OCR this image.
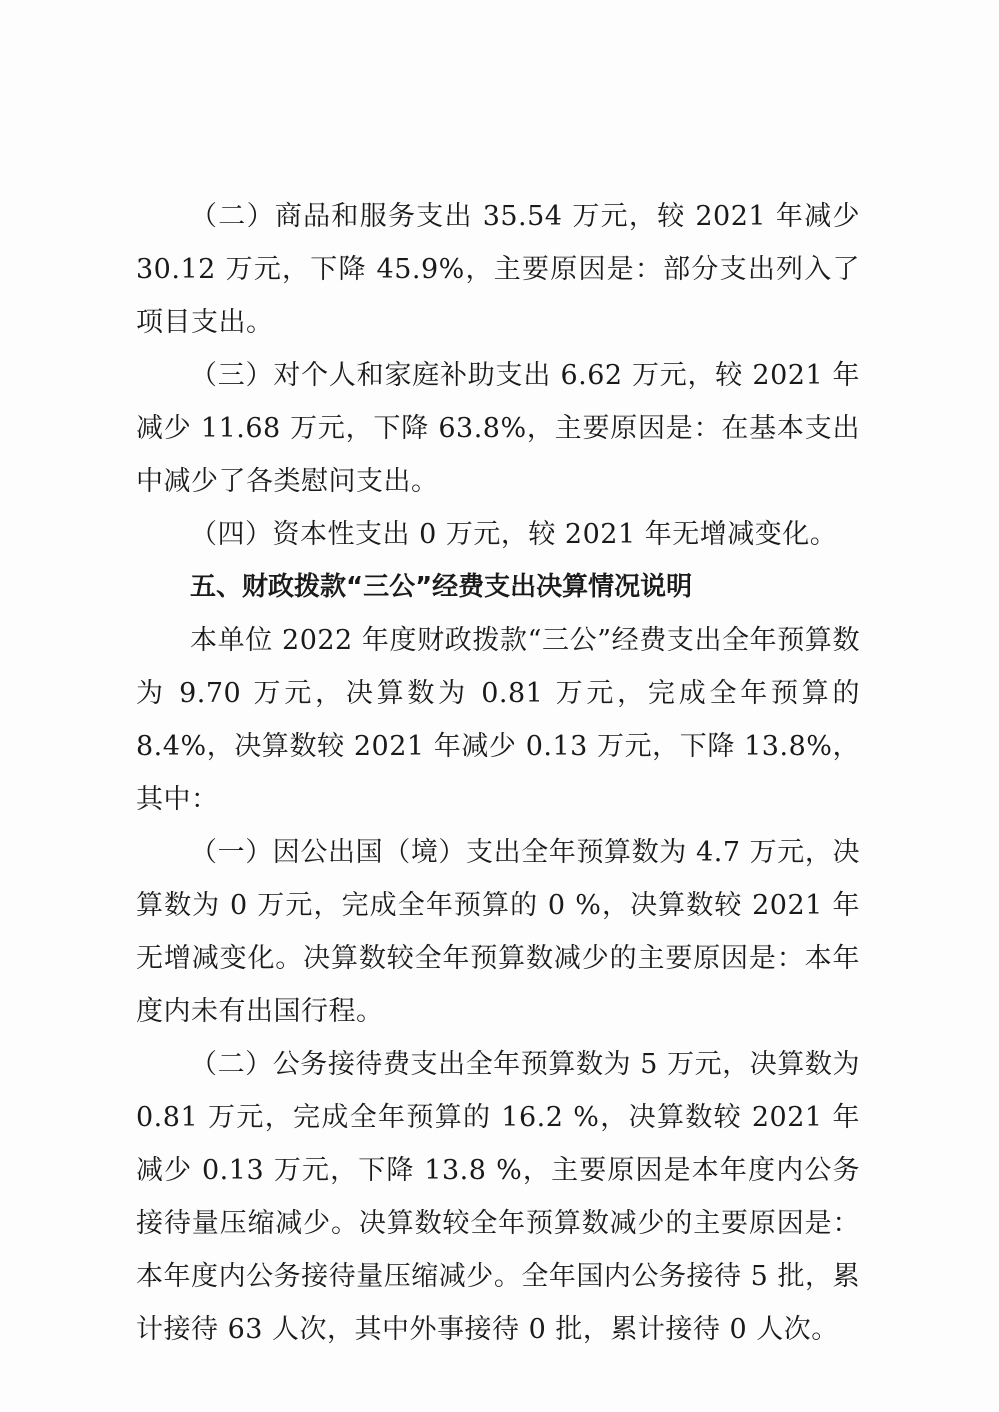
（二）商品和服务支出 35.54 万元，较 2021 年减少 30.12 万元，下降 45.9%，主要原因是：部分支出列入了项目支出。

（三）对个人和家庭补助支出 6.62 万元，较 2021 年减少 11.68 万元，下降 63.8%，主要原因是：在基本支出中减少了各类慰问支出。

（四）资本性支出 0 万元，较 2021 年无增减变化。

五、财政拨款“三公”经费支出决算情况说明

本单位 2022 年度财政拨款“三公”经费支出全年预算数为 9.70 万元，决算数为 0.81 万元，完成全年预算的 8.4%，决算数较 2021 年减少 0.13 万元，下降 13.8%，其中：

（一）因公出国（境）支出全年预算数为 4.7 万元，决算数为 0 万元，完成全年预算的 0 %，决算数较 2021 年无增减变化。决算数较全年预算数减少的主要原因是：本年度内未有出国行程。

（二）公务接待费支出全年预算数为 5 万元，决算数为 0.81 万元，完成全年预算的 16.2 %，决算数较 2021 年减少 0.13 万元，下降 13.8 %，主要原因是本年度内公务接待量压缩减少。决算数较全年预算数减少的主要原因是：本年度内公务接待量压缩减少。全年国内公务接待 5 批，累计接待 63 人次，其中外事接待 0 批，累计接待 0 人次。
